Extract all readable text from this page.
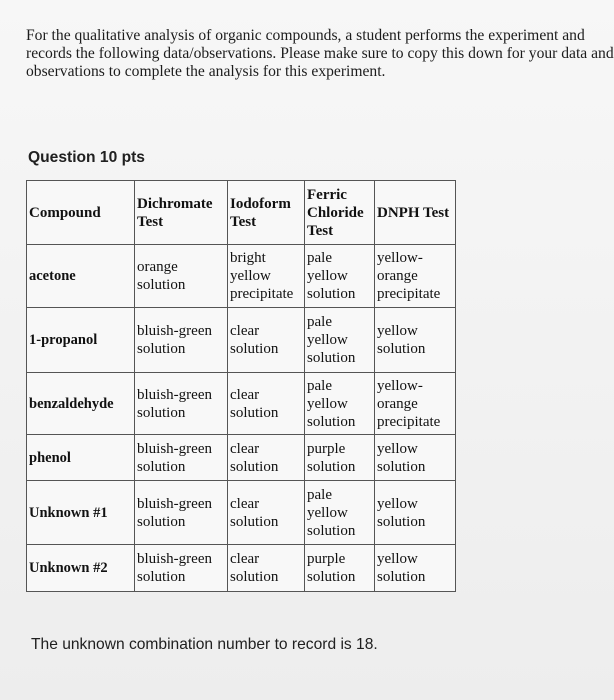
For the qualitative analysis of organic compounds, a student performs the experiment and records the following data/observations. Please make sure to copy this down for your data and observations to complete the analysis for this experiment.
Question 10 pts
Compound	Dichromate Test	Iodoform Test	Ferric Chloride Test	DNPH Test
acetone	orange solution	bright yellow precipitate	pale yellow solution	yellow-orange precipitate
1-propanol	bluish-green solution	clear solution	pale yellow solution	yellow solution
benzaldehyde	bluish-green solution	clear solution	pale yellow solution	yellow-orange precipitate
phenol	bluish-green solution	clear solution	purple solution	yellow solution
Unknown #1	bluish-green solution	clear solution	pale yellow solution	yellow solution
Unknown #2	bluish-green solution	clear solution	purple solution	yellow solution
The unknown combination number to record is 18.
